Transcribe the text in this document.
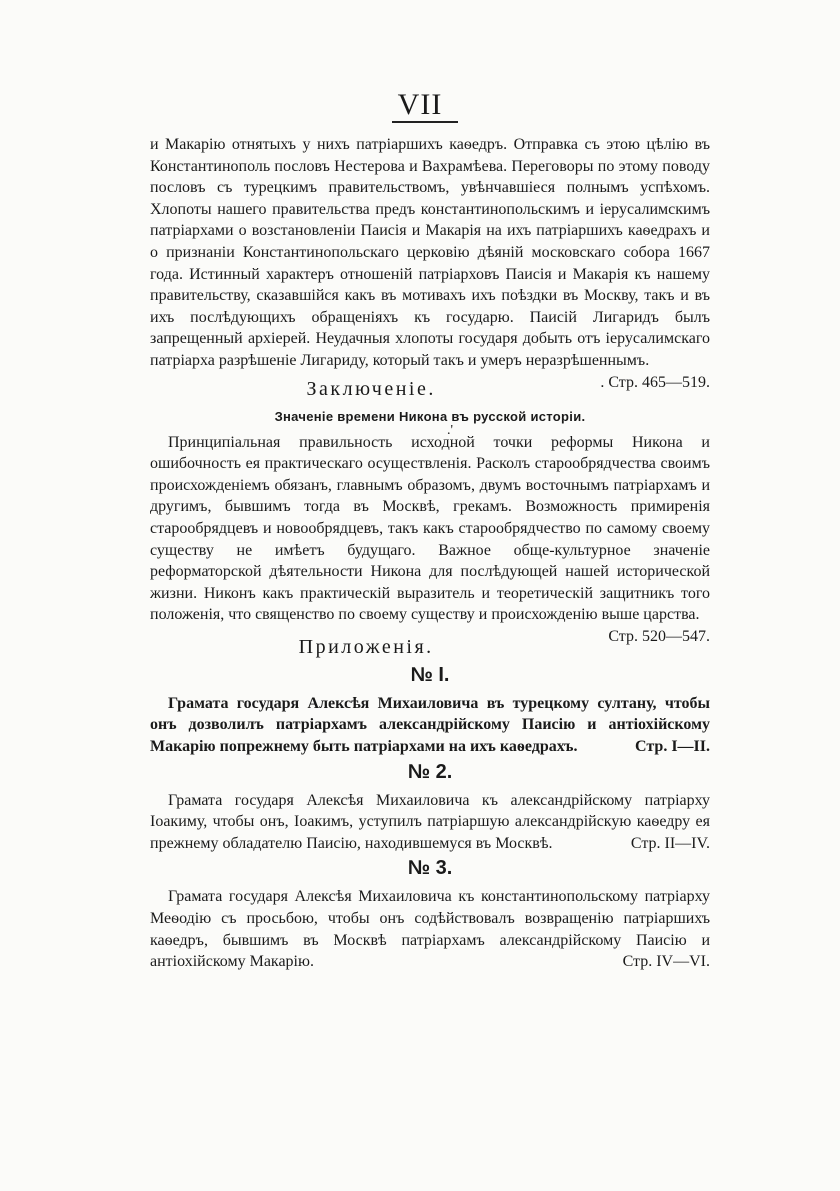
VII
.'

и Макарiю отнятыхъ у нихъ патрiаршихъ каѳедръ. Отправка съ этою цѣлiю въ Константинополь пословъ Нестерова и Вахрамѣева. Переговоры по этому поводу пословъ съ турецкимъ правительствомъ, увѣнчавшiеся полнымъ успѣхомъ. Хлопоты нашего правительства предъ константинопольскимъ и iерусалимскимъ патрiархами о возстановленiи Паисiя и Макарiя на ихъ патрiаршихъ каѳедрахъ и о признанiи Константинопольскаго церковiю дѣянiй московскаго собора 1667 года. Истинный характеръ отношенiй патрiарховъ Паисiя и Макарiя къ нашему правительству, сказавшiйся какъ въ мотивахъ ихъ поѣздки въ Москву, такъ и въ ихъ послѣдующихъ обращенiяхъ къ государю. Паисiй Лигаридъ былъ запрещенный архiерей. Неудачныя хлопоты государя добыть отъ iерусалимскаго патрiарха разрѣшенiе Лигариду, который такъ и умеръ неразрѣшеннымъ.
. Стр. 465—519.

Заключенiе.
Значенiе времени Никона въ русской исторiи.

Принципiальная правильность исходной точки реформы Никона и ошибочность ея практическаго осуществленiя. Расколъ старообрядчества своимъ происхожденiемъ обязанъ, главнымъ образомъ, двумъ восточнымъ патрiархамъ и другимъ, бывшимъ тогда въ Москвѣ, грекамъ. Возможность примиренiя старообрядцевъ и новообрядцевъ, такъ какъ старообрядчество по самому своему существу не имѣетъ будущаго. Важное обще-культурное значенiе реформаторской дѣятельности Никона для послѣдующей нашей исторической жизни. Никонъ какъ практическiй выразитель и теоретическiй защитникъ того положенiя, что священство по своему существу и происхожденiю выше царства.
Стр. 520—547.

Приложенiя.
№ I.

Грамата государя Алексѣя Михаиловича въ турецкому султану, чтобы онъ дозволилъ патрiархамъ александрiйскому Паисiю и антiохiйскому Макарiю попрежнему быть патрiархами на ихъ каѳедрахъ.	Стр. I—II.

№ 2.

Грамата государя Алексѣя Михаиловича къ александрiйскому патрiарху Iоакиму, чтобы онъ, Iоакимъ, уступилъ патрiаршую александрiйскую каѳедру ея прежнему обладателю Паисiю, находившемуся въ Москвѣ.	Стр. II—IV.

№ 3.

Грамата государя Алексѣя Михаиловича къ константинопольскому патрiарху Меѳодiю съ просьбою, чтобы онъ содѣйствовалъ возвращенiю патрiаршихъ каѳедръ, бывшимъ въ Москвѣ патрiархамъ александрiйскому Паисiю и антiохiйскому Макарiю.	Стр. IV—VI.
